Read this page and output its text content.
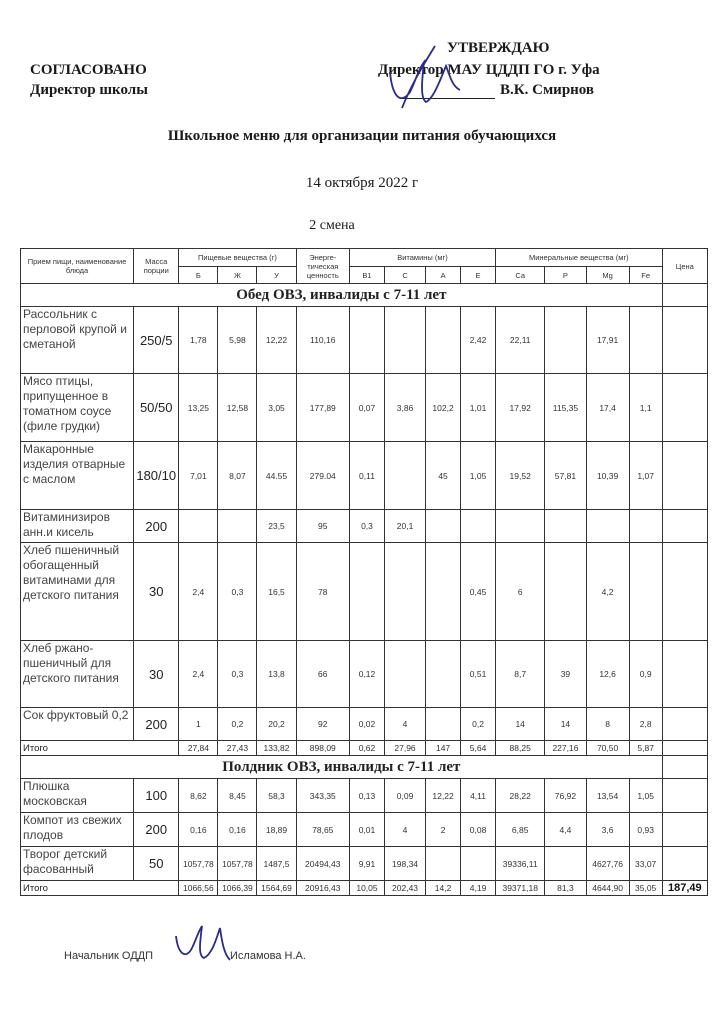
СОГЛАСОВАНО
Директор школы
УТВЕРЖДАЮ
Директор МАУ ЦДДП ГО г. Уфа
В.К. Смирнов
Школьное меню для организации питания обучающихся
14 октября 2022 г
2 смена
Прием пищи, наименование блюда	Масса порции	Пищевые вещества (г)			Энерге-тическая ценность	Витамины (мг)				Минеральные вещества (мг)				Цена
		Б	Ж	У		В1	С	А	Е	Са	Р	Mg	Fe	
Обед ОВЗ, инвалиды с 7-11 лет														
Рассольник с перловой крупой и сметаной	250/5	1,78	5,98	12,22	110,16				2,42	22,11		17,91		
Мясо птицы, припущенное в томатном соусе (филе грудки)	50/50	13,25	12,58	3,05	177,89	0,07	3,86	102,2	1,01	17,92	115,35	17,4	1,1	
Макаронные изделия отварные с маслом	180/10	7,01	8,07	44.55	279.04	0,11		45	1,05	19,52	57,81	10,39	1,07	
Витаминизиров анн.и кисель	200			23,5	95	0,3	20,1							
Хлеб пшеничный обогащенный витаминами для детского питания	30	2,4	0,3	16,5	78				0,45	6		4,2		
Хлеб ржано-пшеничный для детского питания	30	2,4	0,3	13,8	66	0,12			0,51	8,7	39	12,6	0,9	
Сок фруктовый 0,2	200	1	0,2	20,2	92	0,02	4		0,2	14	14	8	2,8	
Итого		27,84	27,43	133,82	898,09	0,62	27,96	147	5,64	88,25	227,16	70,50	5,87	
Полдник ОВЗ, инвалиды с 7-11 лет														
Плюшка московская	100	8,62	8,45	58,3	343,35	0,13	0,09	12,22	4,11	28,22	76,92	13,54	1,05	
Компот из свежих плодов	200	0,16	0,16	18,89	78,65	0,01	4	2	0,08	6,85	4,4	3,6	0,93	
Творог детский фасованный	50	1057,78	1057,78	1487,5	20494,43	9,91	198,34			39336,11		4627,76	33,07	
Итого		1066,56	1066,39	1564,69	20916,43	10,05	202,43	14,2	4,19	39371,18	81,3	4644,90	35,05	187,49
Начальник ОДДП	Исламова Н.А.
